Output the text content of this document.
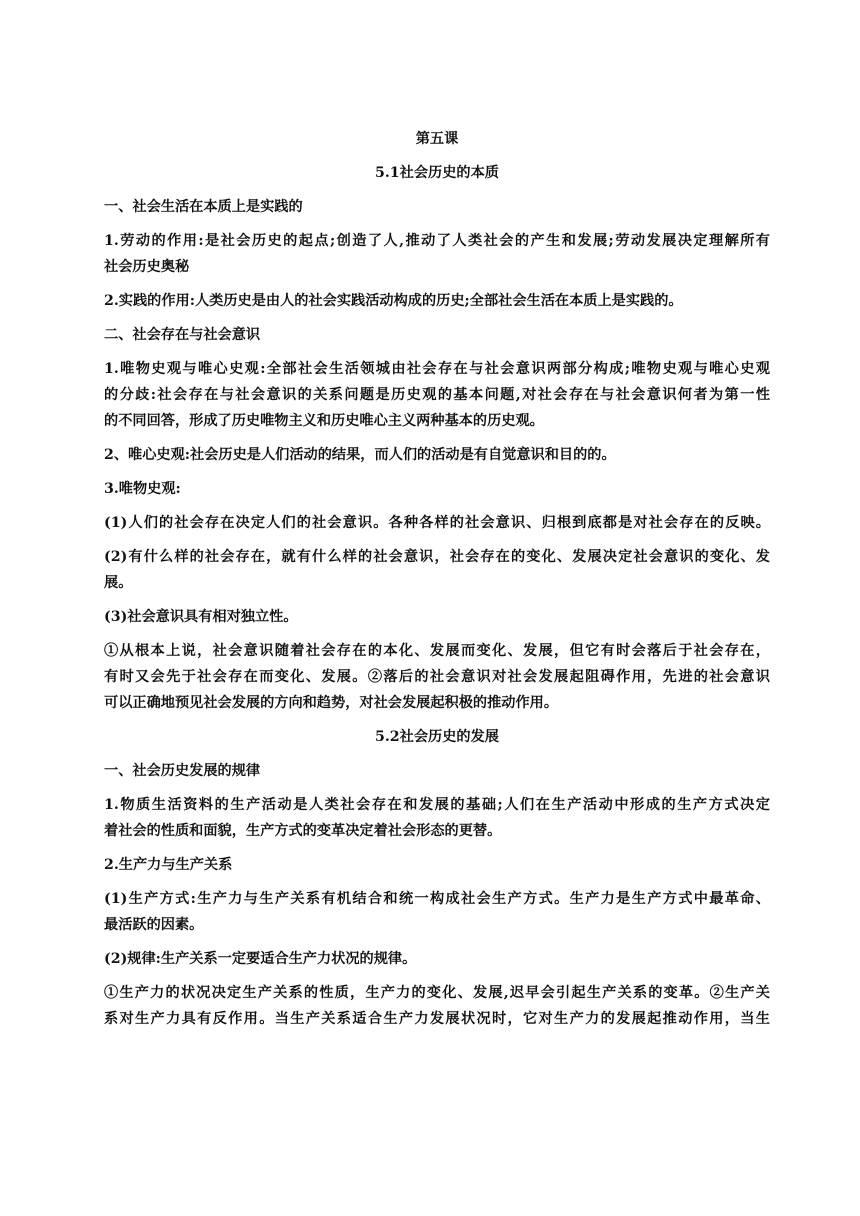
第五课

5.1社会历史的本质

一、社会生活在本质上是实践的

1.劳动的作用:是社会历史的起点;创造了人,推动了人类社会的产生和发展;劳动发展决定理解所有

社会历史奥秘

2.实践的作用:人类历史是由人的社会实践活动构成的历史;全部社会生活在本质上是实践的。

二、社会存在与社会意识

1.唯物史观与唯心史观:全部社会生活领城由社会存在与社会意识两部分构成;唯物史观与唯心史观

的分歧:社会存在与社会意识的关系问题是历史观的基本问题,对社会存在与社会意识何者为第一性

的不同回答，形成了历史唯物主义和历史唯心主义两种基本的历史观。

2、唯心史观:社会历史是人们活动的结果，而人们的活动是有自觉意识和目的的。

3.唯物史观:

(1)人们的社会存在决定人们的社会意识。各种各样的社会意识、归根到底都是对社会存在的反映。

(2)有什么样的社会存在，就有什么样的社会意识，社会存在的变化、发展决定社会意识的变化、发

展。

(3)社会意识具有相对独立性。

①从根本上说，社会意识随着社会存在的本化、发展而变化、发展，但它有时会落后于社会存在，

有时又会先于社会存在而变化、发展。②落后的社会意识对社会发展起阻碍作用，先进的社会意识

可以正确地预见社会发展的方向和趋势，对社会发展起积极的推动作用。

5.2社会历史的发展

一、社会历史发展的规律

1.物质生活资料的生产活动是人类社会存在和发展的基础;人们在生产活动中形成的生产方式决定

着社会的性质和面貌，生产方式的变革决定着社会形态的更替。

2.生产力与生产关系

(1)生产方式:生产力与生产关系有机结合和统一构成社会生产方式。生产力是生产方式中最革命、

最活跃的因素。

(2)规律:生产关系一定要适合生产力状况的规律。

①生产力的状况决定生产关系的性质，生产力的变化、发展,迟早会引起生产关系的变革。②生产关

系对生产力具有反作用。当生产关系适合生产力发展状况时，它对生产力的发展起推动作用，当生
